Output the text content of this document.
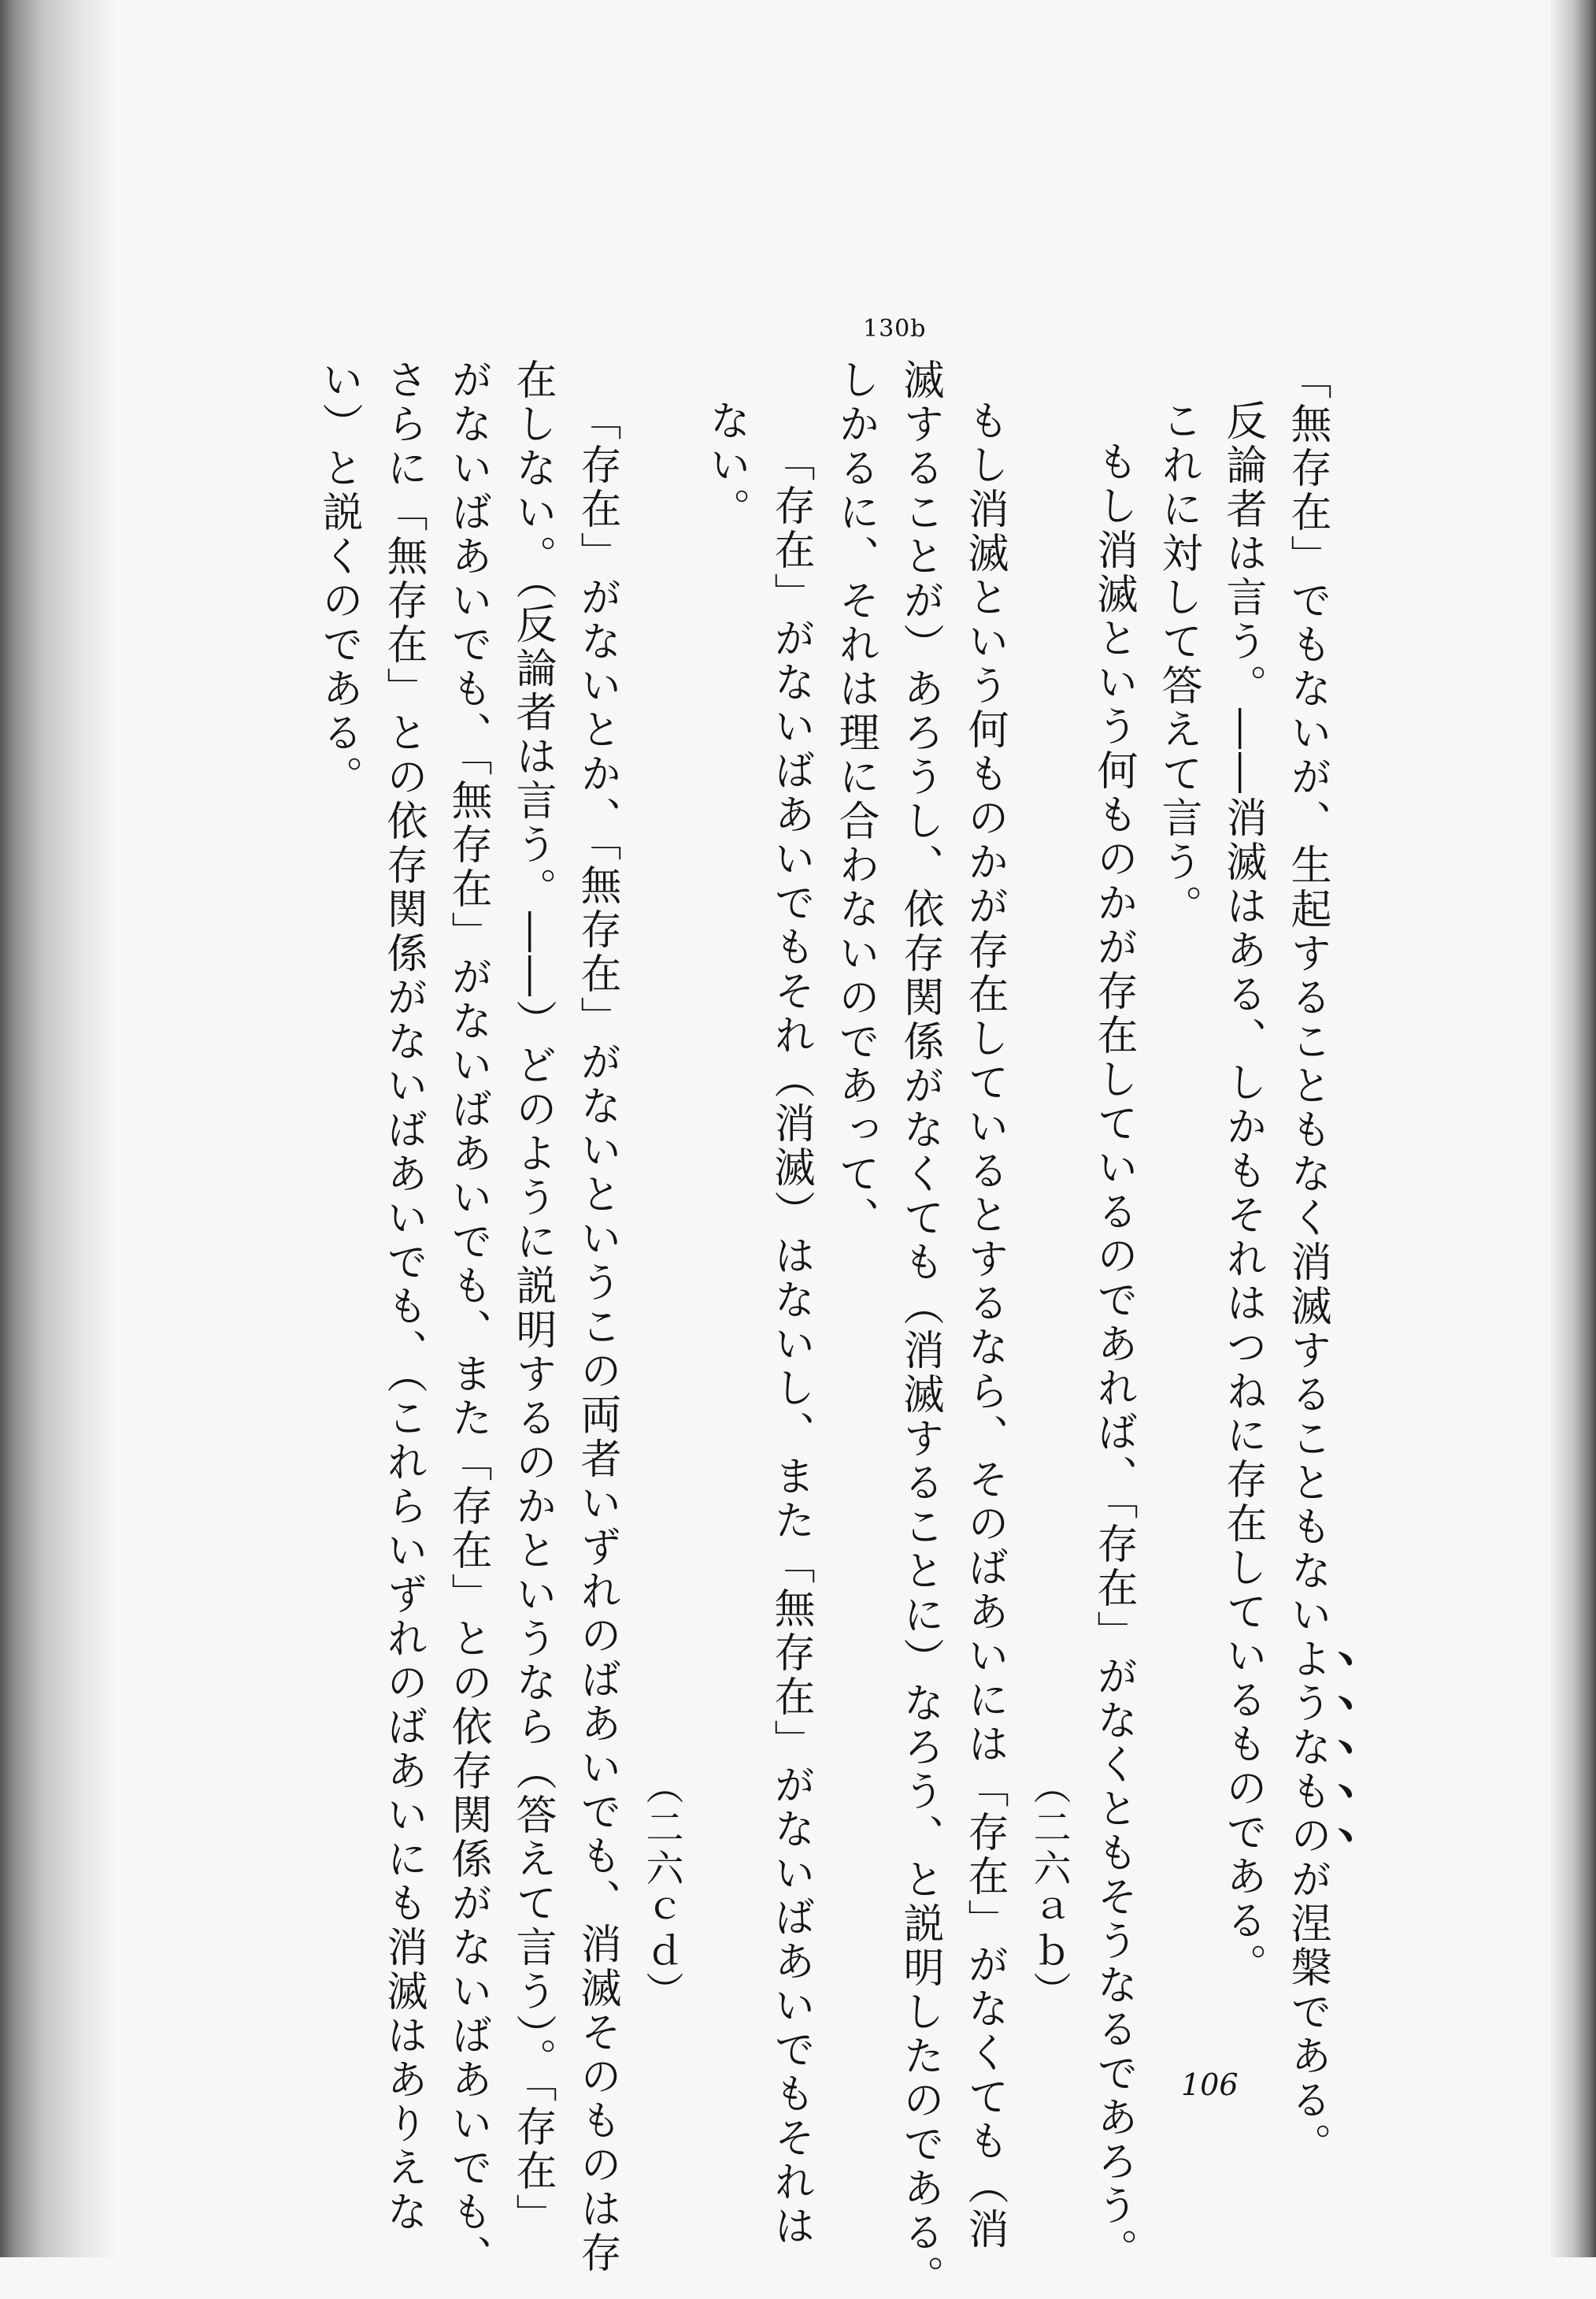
130b
「無存在」でもないが、生起することもなく消滅することもないようなものが涅槃である。
反論者は言う。――消滅はある、しかもそれはつねに存在しているものである。
これに対して答えて言う。
もし消滅という何ものかが存在しているのであれば、「存在」がなくともそうなるであろう。
（二六ａｂ）
もし消滅という何ものかが存在しているとするなら、そのばあいには「存在」がなくても（消
滅することが）あろうし、依存関係がなくても（消滅することに）なろう、と説明したのである。
しかるに、それは理に合わないのであって、
「存在」がないばあいでもそれ（消滅）はないし、また「無存在」がないばあいでもそれは
ない。
（二六ｃｄ）
「存在」がないとか、「無存在」がないというこの両者いずれのばあいでも、消滅そのものは存
在しない。（反論者は言う。――）どのように説明するのかというなら（答えて言う）。「存在」
がないばあいでも、「無存在」がないばあいでも、また「存在」との依存関係がないばあいでも、
さらに「無存在」との依存関係がないばあいでも、（これらいずれのばあいにも消滅はありえな
い）と説くのである。
106
